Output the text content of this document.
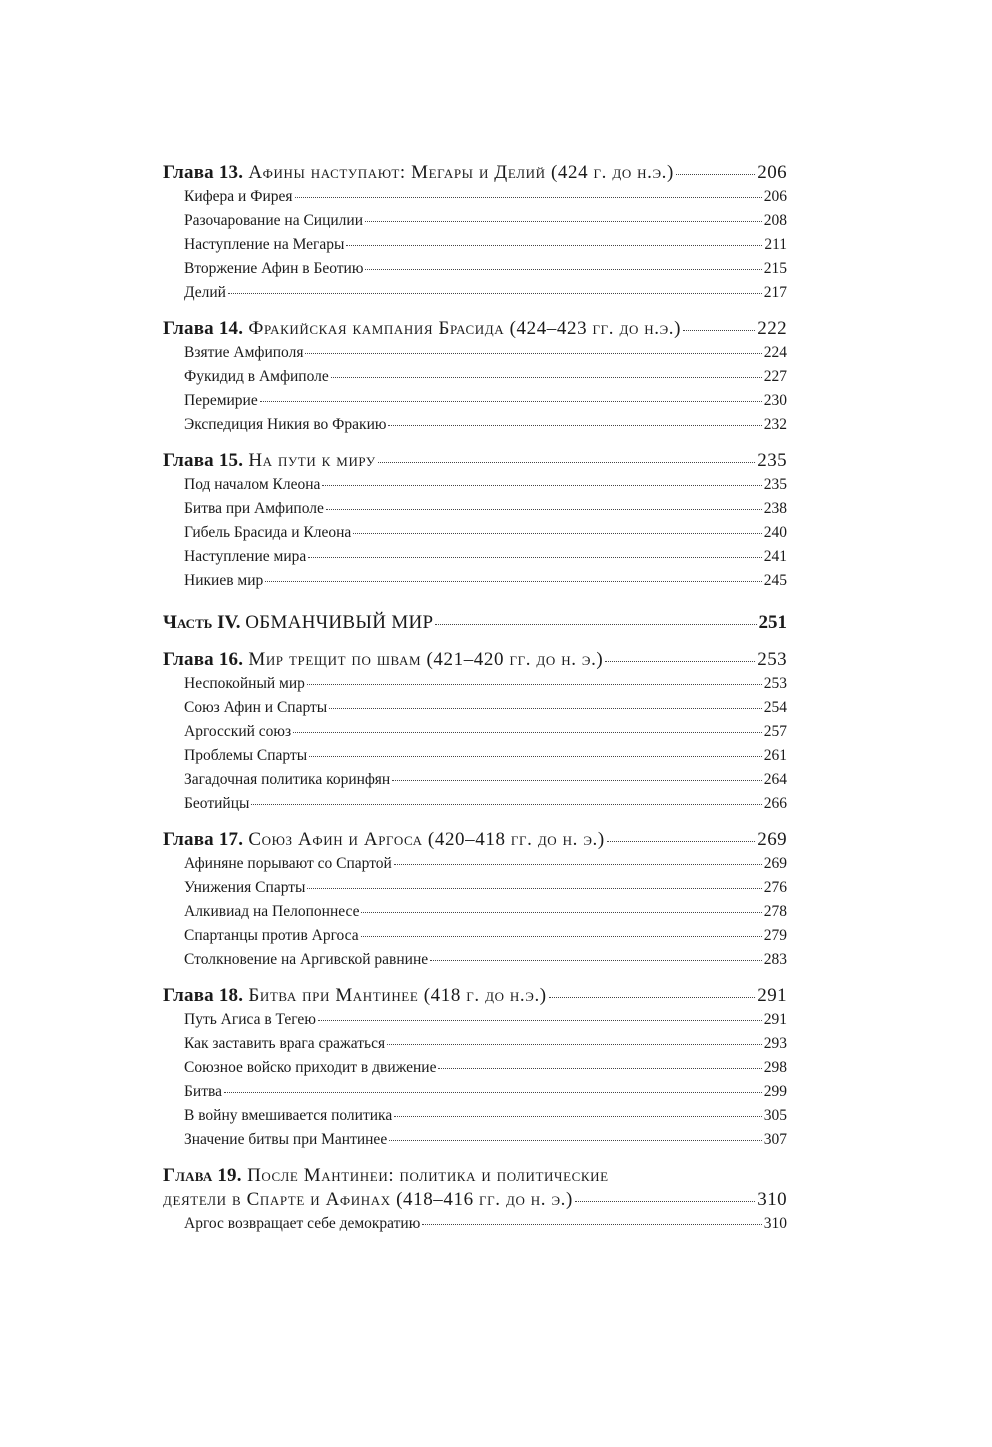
Глава 13. Афины наступают: Мегары и Делий (424 г. до н.э.)	206
Кифера и Фирея	206
Разочарование на Сицилии	208
Наступление на Мегары	211
Вторжение Афин в Беотию	215
Делий	217
Глава 14. Фракийская кампания Брасида (424–423 гг. до н.э.)	222
Взятие Амфиполя	224
Фукидид в Амфиполе	227
Перемирие	230
Экспедиция Никия во Фракию	232
Глава 15. На пути к миру	235
Под началом Клеона	235
Битва при Амфиполе	238
Гибель Брасида и Клеона	240
Наступление мира	241
Никиев мир	245
Часть IV. ОБМАНЧИВЫЙ МИР	251
Глава 16. Мир трещит по швам (421–420 гг. до н. э.)	253
Неспокойный мир	253
Союз Афин и Спарты	254
Аргосский союз	257
Проблемы Спарты	261
Загадочная политика коринфян	264
Беотийцы	266
Глава 17. Союз Афин и Аргоса (420–418 гг. до н. э.)	269
Афиняне порывают со Спартой	269
Унижения Спарты	276
Алкивиад на Пелопоннесе	278
Спартанцы против Аргоса	279
Столкновение на Аргивской равнине	283
Глава 18. Битва при Мантинее (418 г. до н.э.)	291
Путь Агиса в Тегею	291
Как заставить врага сражаться	293
Союзное войско приходит в движение	298
Битва	299
В войну вмешивается политика	305
Значение битвы при Мантинее	307
Глава 19. После Мантинеи: политика и политические
деятели в Спарте и Афинах (418–416 гг. до н. э.)	310
Аргос возвращает себе демократию	310
